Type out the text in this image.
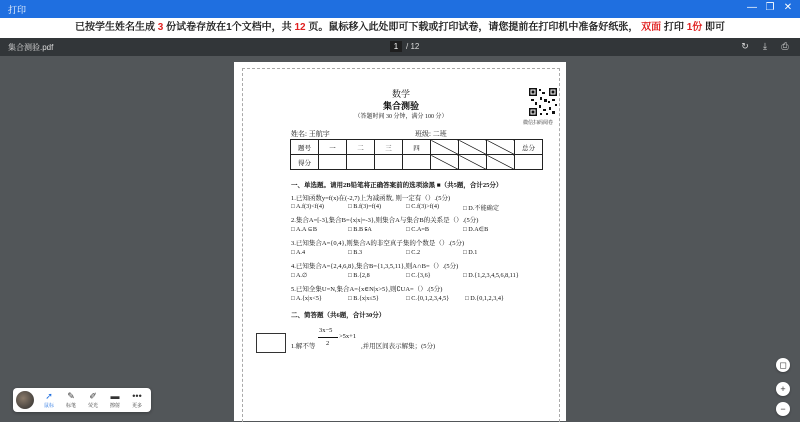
打印	— ❐ ✕
已按学生姓名生成 3 份试卷存放在1个文档中，共 12 页。鼠标移入此处即可下载或打印试卷，请您提前在打印机中准备好纸张， 双面 打印 1份 即可
集合测验.pdf	1 / 12	↻	⤓	⎙
数学
集合测验
（答题时间 30 分钟，满分 100 分）
微信扫码阅卷
姓名: 王航宇	班级: 二班
题号	一	二	三	四				总分
得分								
一、单选题。请用2B铅笔将正确答案前的选项涂黑 ■（共5题，合计25分）
1.已知函数y=f(x)在(-2,7)上为减函数, 则一定有（）.(5分)
□ A.f(3)<f(4)	□ B.f(3)=f(4)	□ C.f(3)>f(4)	□ D.不能确定
2.集合A=[-3],集合B={x|x|=-3},则集合A与集合B的关系是（）.(5分)
□ A.A ⊆B	□ B.B ⫋A	□ C.A=B	□ D.A∈B
3.已知集合A={0,4},则集合A的非空真子集的个数是（）.(5分)
□ A.4	□ B.3	□ C.2	□ D.1
4.已知集合A={2,4,6,8},集合B={1,3,5,11},则A∩B=（）.(5分)
□ A.∅	□ B.{2,8	□ C.{3,6}	□ D.{1,2,3,4,5,6,8,11}
5.已知全集U=N,集合A={x∈N|x>5},则∁UA=（）.(5分)
□ A.{x|x<5}	□ B.{x|x≤5}	□ C.{0,1,2,3,4,5}	□ D.{0,1,2,3,4}
二、简答题（共6题，合计30分）
1.解不等
3x−5
2
>5x+1
,并用区间表示解集；(5分)
➚
鼠标
✎
标笔
✐
荧光
▬
擦射
•••
更多
◻
+
−
